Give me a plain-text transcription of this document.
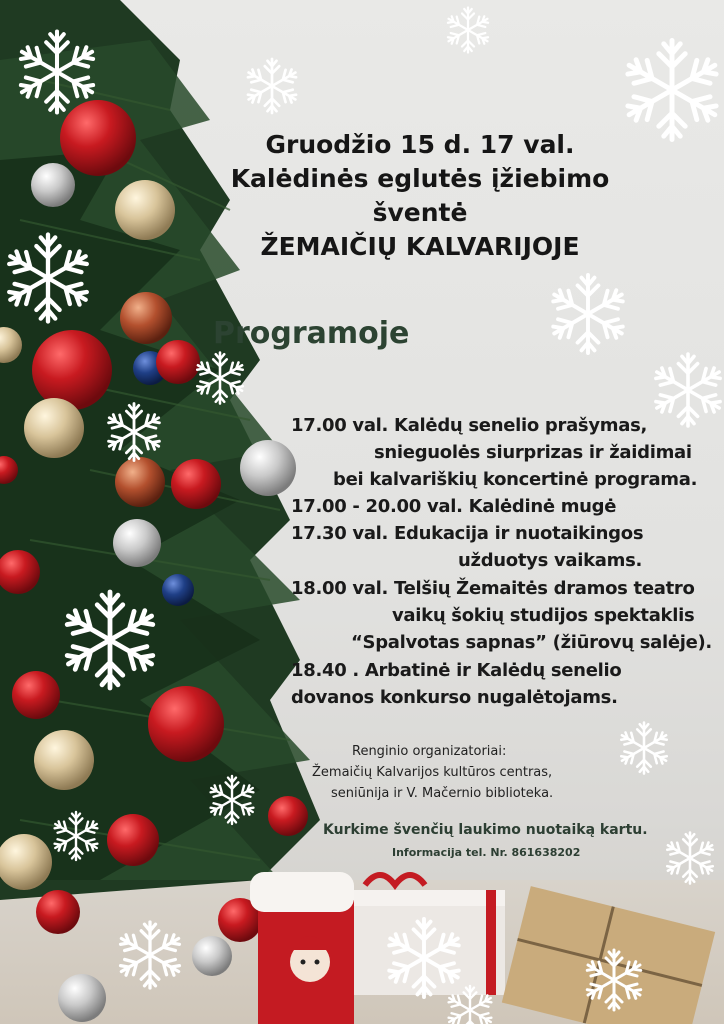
Gruodžio 15 d. 17 val.
Kalėdinės eglutės įžiebimo
šventė
ŽEMAIČIŲ KALVARIJOJE
Programoje
17.00 val. Kalėdų senelio prašymas,
snieguolės siurprizas ir žaidimai
bei kalvariškių koncertinė programa.
17.00 - 20.00 val. Kalėdinė mugė
17.30 val. Edukacija ir nuotaikingos
užduotys vaikams.
18.00 val. Telšių Žemaitės dramos teatro
vaikų šokių studijos spektaklis
“Spalvotas sapnas” (žiūrovų salėje).
18.40 . Arbatinė ir Kalėdų senelio
dovanos konkurso nugalėtojams.
Renginio organizatoriai:
Žemaičių Kalvarijos kultūros centras,
seniūnija ir V. Mačernio biblioteka.
Kurkime švenčių laukimo nuotaiką kartu.
Informacija tel. Nr. 861638202
